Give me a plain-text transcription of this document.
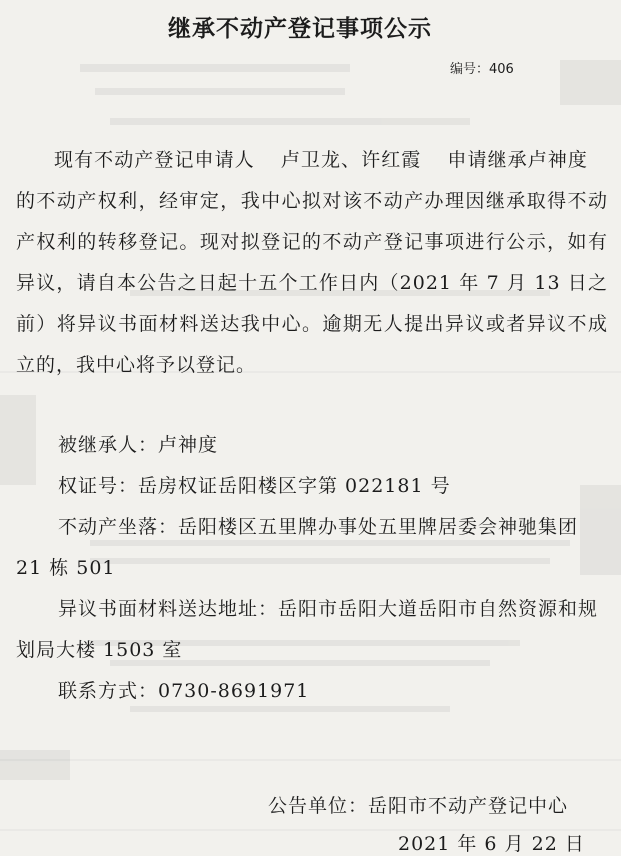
继承不动产登记事项公示
编号：406

现有不动产登记申请人 卢卫龙、许红霞 申请继承卢神度的不动产权利，经审定，我中心拟对该不动产办理因继承取得不动产权利的转移登记。现对拟登记的不动产登记事项进行公示，如有异议，请自本公告之日起十五个工作日内（2021 年 7 月 13 日之前）将异议书面材料送达我中心。逾期无人提出异议或者异议不成立的，我中心将予以登记。

被继承人：卢神度

权证号：岳房权证岳阳楼区字第 022181 号

不动产坐落：岳阳楼区五里牌办事处五里牌居委会神驰集团 21 栋 501

异议书面材料送达地址：岳阳市岳阳大道岳阳市自然资源和规划局大楼 1503 室

联系方式：0730-8691971

公告单位：岳阳市不动产登记中心
2021 年 6 月 22 日
